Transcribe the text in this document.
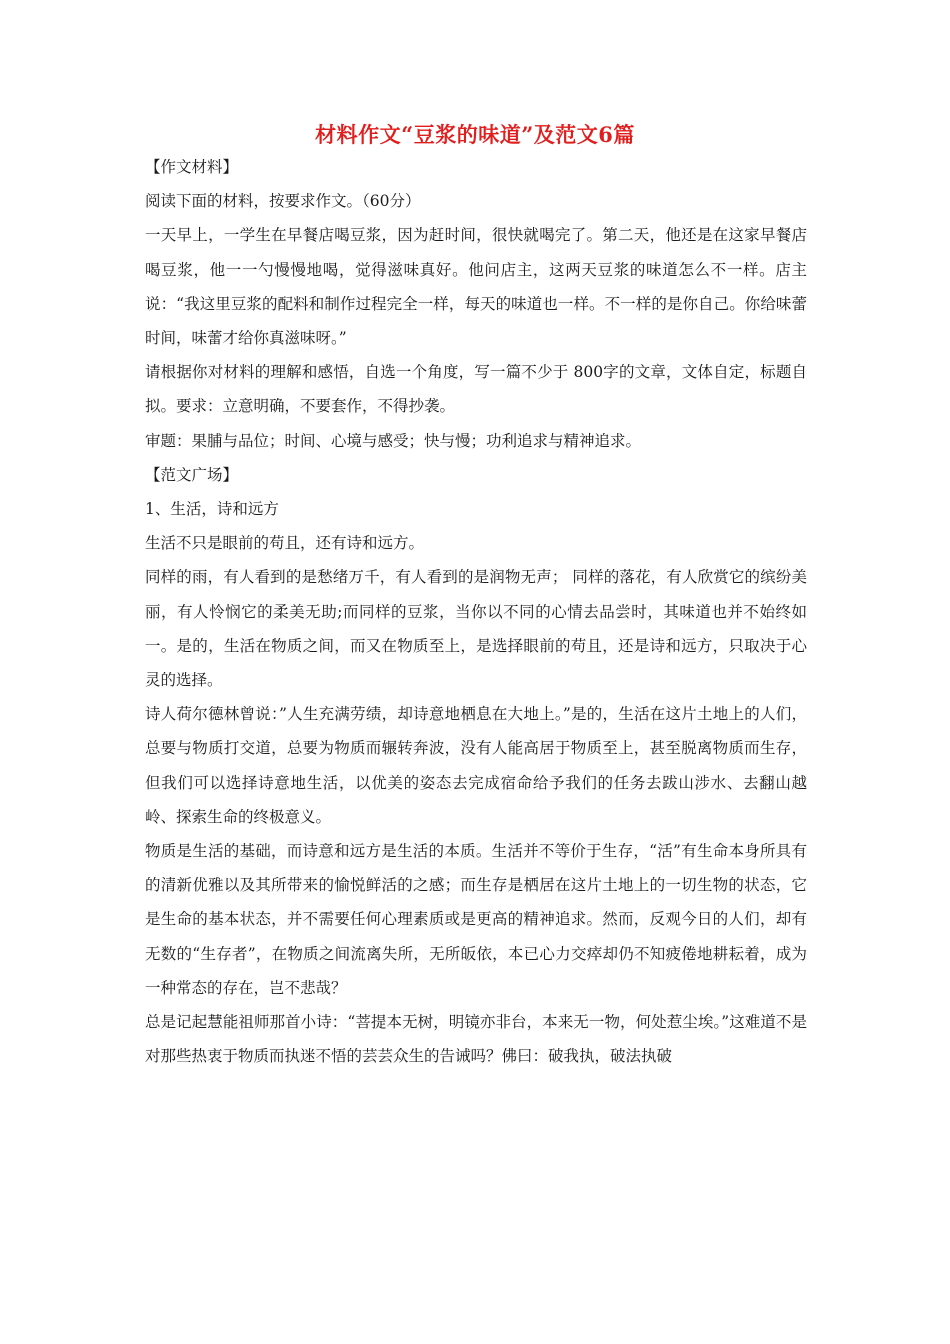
材料作文“豆浆的味道”及范文6篇

【作文材料】

阅读下面的材料，按要求作文。（60分）

一天早上，一学生在早餐店喝豆浆，因为赶时间，很快就喝完了。第二天，他还是在这家早餐店喝豆浆，他一一勺慢慢地喝，觉得滋味真好。他问店主，这两天豆浆的味道怎么不一样。店主说：“我这里豆浆的配料和制作过程完全一样，每天的味道也一样。不一样的是你自己。你给味蕾时间，味蕾才给你真滋味呀。”

请根据你对材料的理解和感悟，自选一个角度，写一篇不少于 800字的文章，文体自定，标题自拟。要求：立意明确，不要套作，不得抄袭。

审题：果脯与品位；时间、心境与感受；快与慢；功利追求与精神追求。

【范文广场】

1、生活，诗和远方

生活不只是眼前的苟且，还有诗和远方。

同样的雨，有人看到的是愁绪万千，有人看到的是润物无声； 同样的落花，有人欣赏它的缤纷美丽，有人怜悯它的柔美无助;而同样的豆浆，当你以不同的心情去品尝时，其味道也并不始终如一。是的，生活在物质之间，而又在物质至上，是选择眼前的苟且，还是诗和远方，只取决于心灵的选择。

诗人荷尔德林曾说：”人生充满劳绩，却诗意地栖息在大地上。”是的，生活在这片土地上的人们，总要与物质打交道，总要为物质而辗转奔波，没有人能高居于物质至上，甚至脱离物质而生存，但我们可以选择诗意地生活，以优美的姿态去完成宿命给予我们的任务去跋山涉水、去翻山越岭、探索生命的终极意义。

物质是生活的基础，而诗意和远方是生活的本质。生活并不等价于生存，“活”有生命本身所具有的清新优雅以及其所带来的愉悦鲜活的之感；而生存是栖居在这片土地上的一切生物的状态，它是生命的基本状态，并不需要任何心理素质或是更高的精神追求。然而，反观今日的人们，却有无数的“生存者”，在物质之间流离失所，无所皈依，本已心力交瘁却仍不知疲倦地耕耘着，成为一种常态的存在，岂不悲哉？

总是记起慧能祖师那首小诗：“菩提本无树，明镜亦非台，本来无一物，何处惹尘埃。”这难道不是对那些热衷于物质而执迷不悟的芸芸众生的告诫吗？佛曰：破我执，破法执破
